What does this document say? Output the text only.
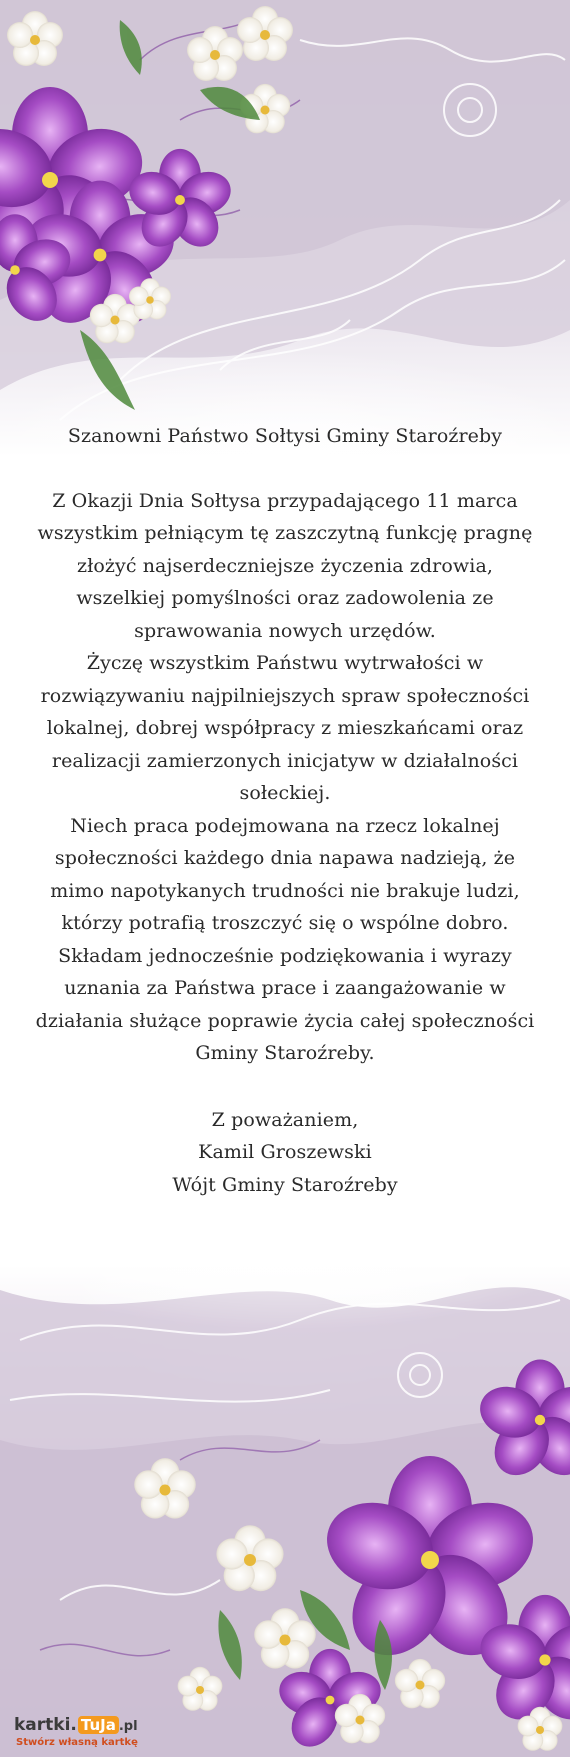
Szanowni Państwo Sołtysi Gminy Staroźreby

Z Okazji Dnia Sołtysa przypadającego 11 marca wszystkim pełniącym tę zaszczytną funkcję pragnę złożyć najserdeczniejsze życzenia zdrowia, wszelkiej pomyślności oraz zadowolenia ze sprawowania nowych urzędów.

Życzę wszystkim Państwu wytrwałości w rozwiązywaniu najpilniejszych spraw społeczności lokalnej, dobrej współpracy z mieszkańcami oraz realizacji zamierzonych inicjatyw w działalności sołeckiej.

Niech praca podejmowana na rzecz lokalnej społeczności każdego dnia napawa nadzieją, że mimo napotykanych trudności nie brakuje ludzi, którzy potrafią troszczyć się o wspólne dobro.

Składam jednocześnie podziękowania i wyrazy uznania za Państwa prace i zaangażowanie w działania służące poprawie życia całej społeczności Gminy Staroźreby.

Z poważaniem,

Kamil Groszewski

Wójt Gminy Staroźreby

kartki. TuJa .pl
Stwórz własną kartkę
